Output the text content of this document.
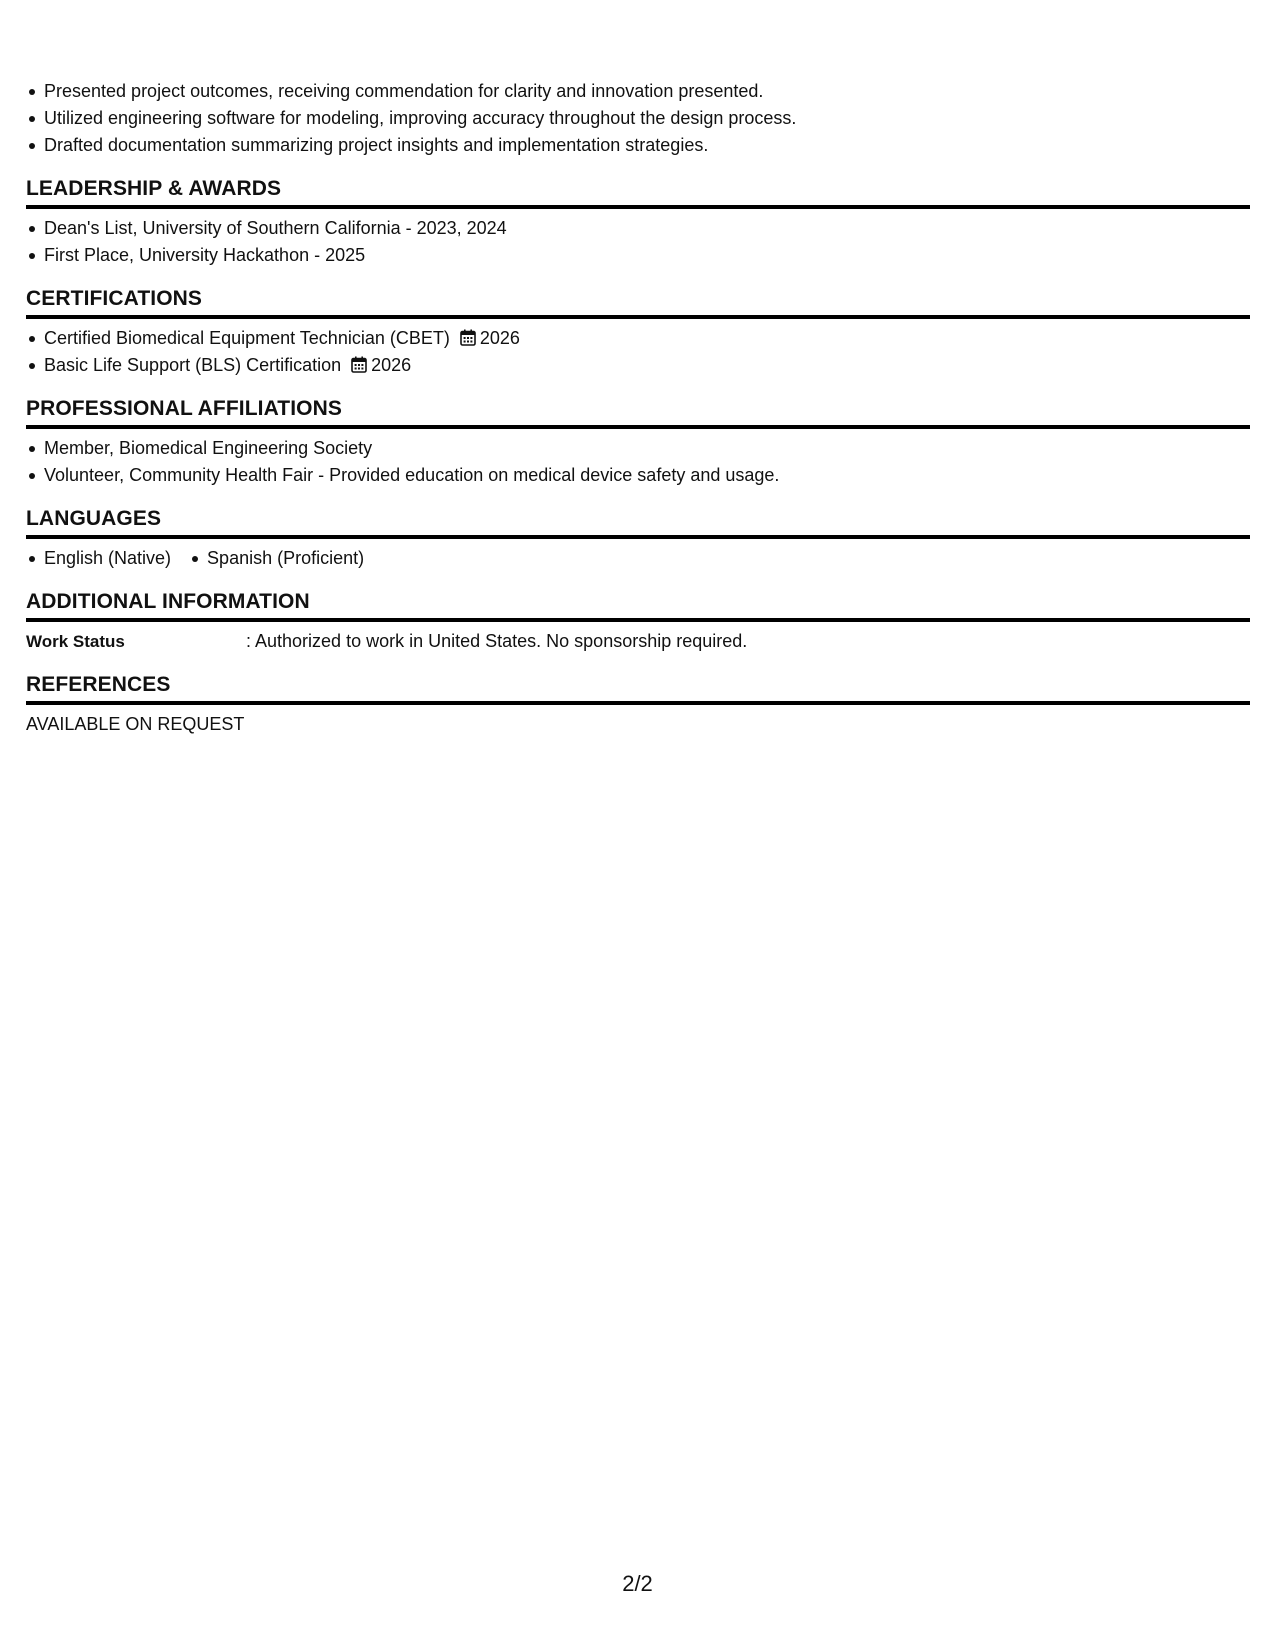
Presented project outcomes, receiving commendation for clarity and innovation presented.
Utilized engineering software for modeling, improving accuracy throughout the design process.
Drafted documentation summarizing project insights and implementation strategies.
LEADERSHIP & AWARDS
Dean's List, University of Southern California - 2023, 2024
First Place, University Hackathon - 2025
CERTIFICATIONS
Certified Biomedical Equipment Technician (CBET) 2026
Basic Life Support (BLS) Certification 2026
PROFESSIONAL AFFILIATIONS
Member, Biomedical Engineering Society
Volunteer, Community Health Fair - Provided education on medical device safety and usage.
LANGUAGES
English (Native) Spanish (Proficient)
ADDITIONAL INFORMATION
Work Status	: Authorized to work in United States. No sponsorship required.
REFERENCES
AVAILABLE ON REQUEST
2/2
